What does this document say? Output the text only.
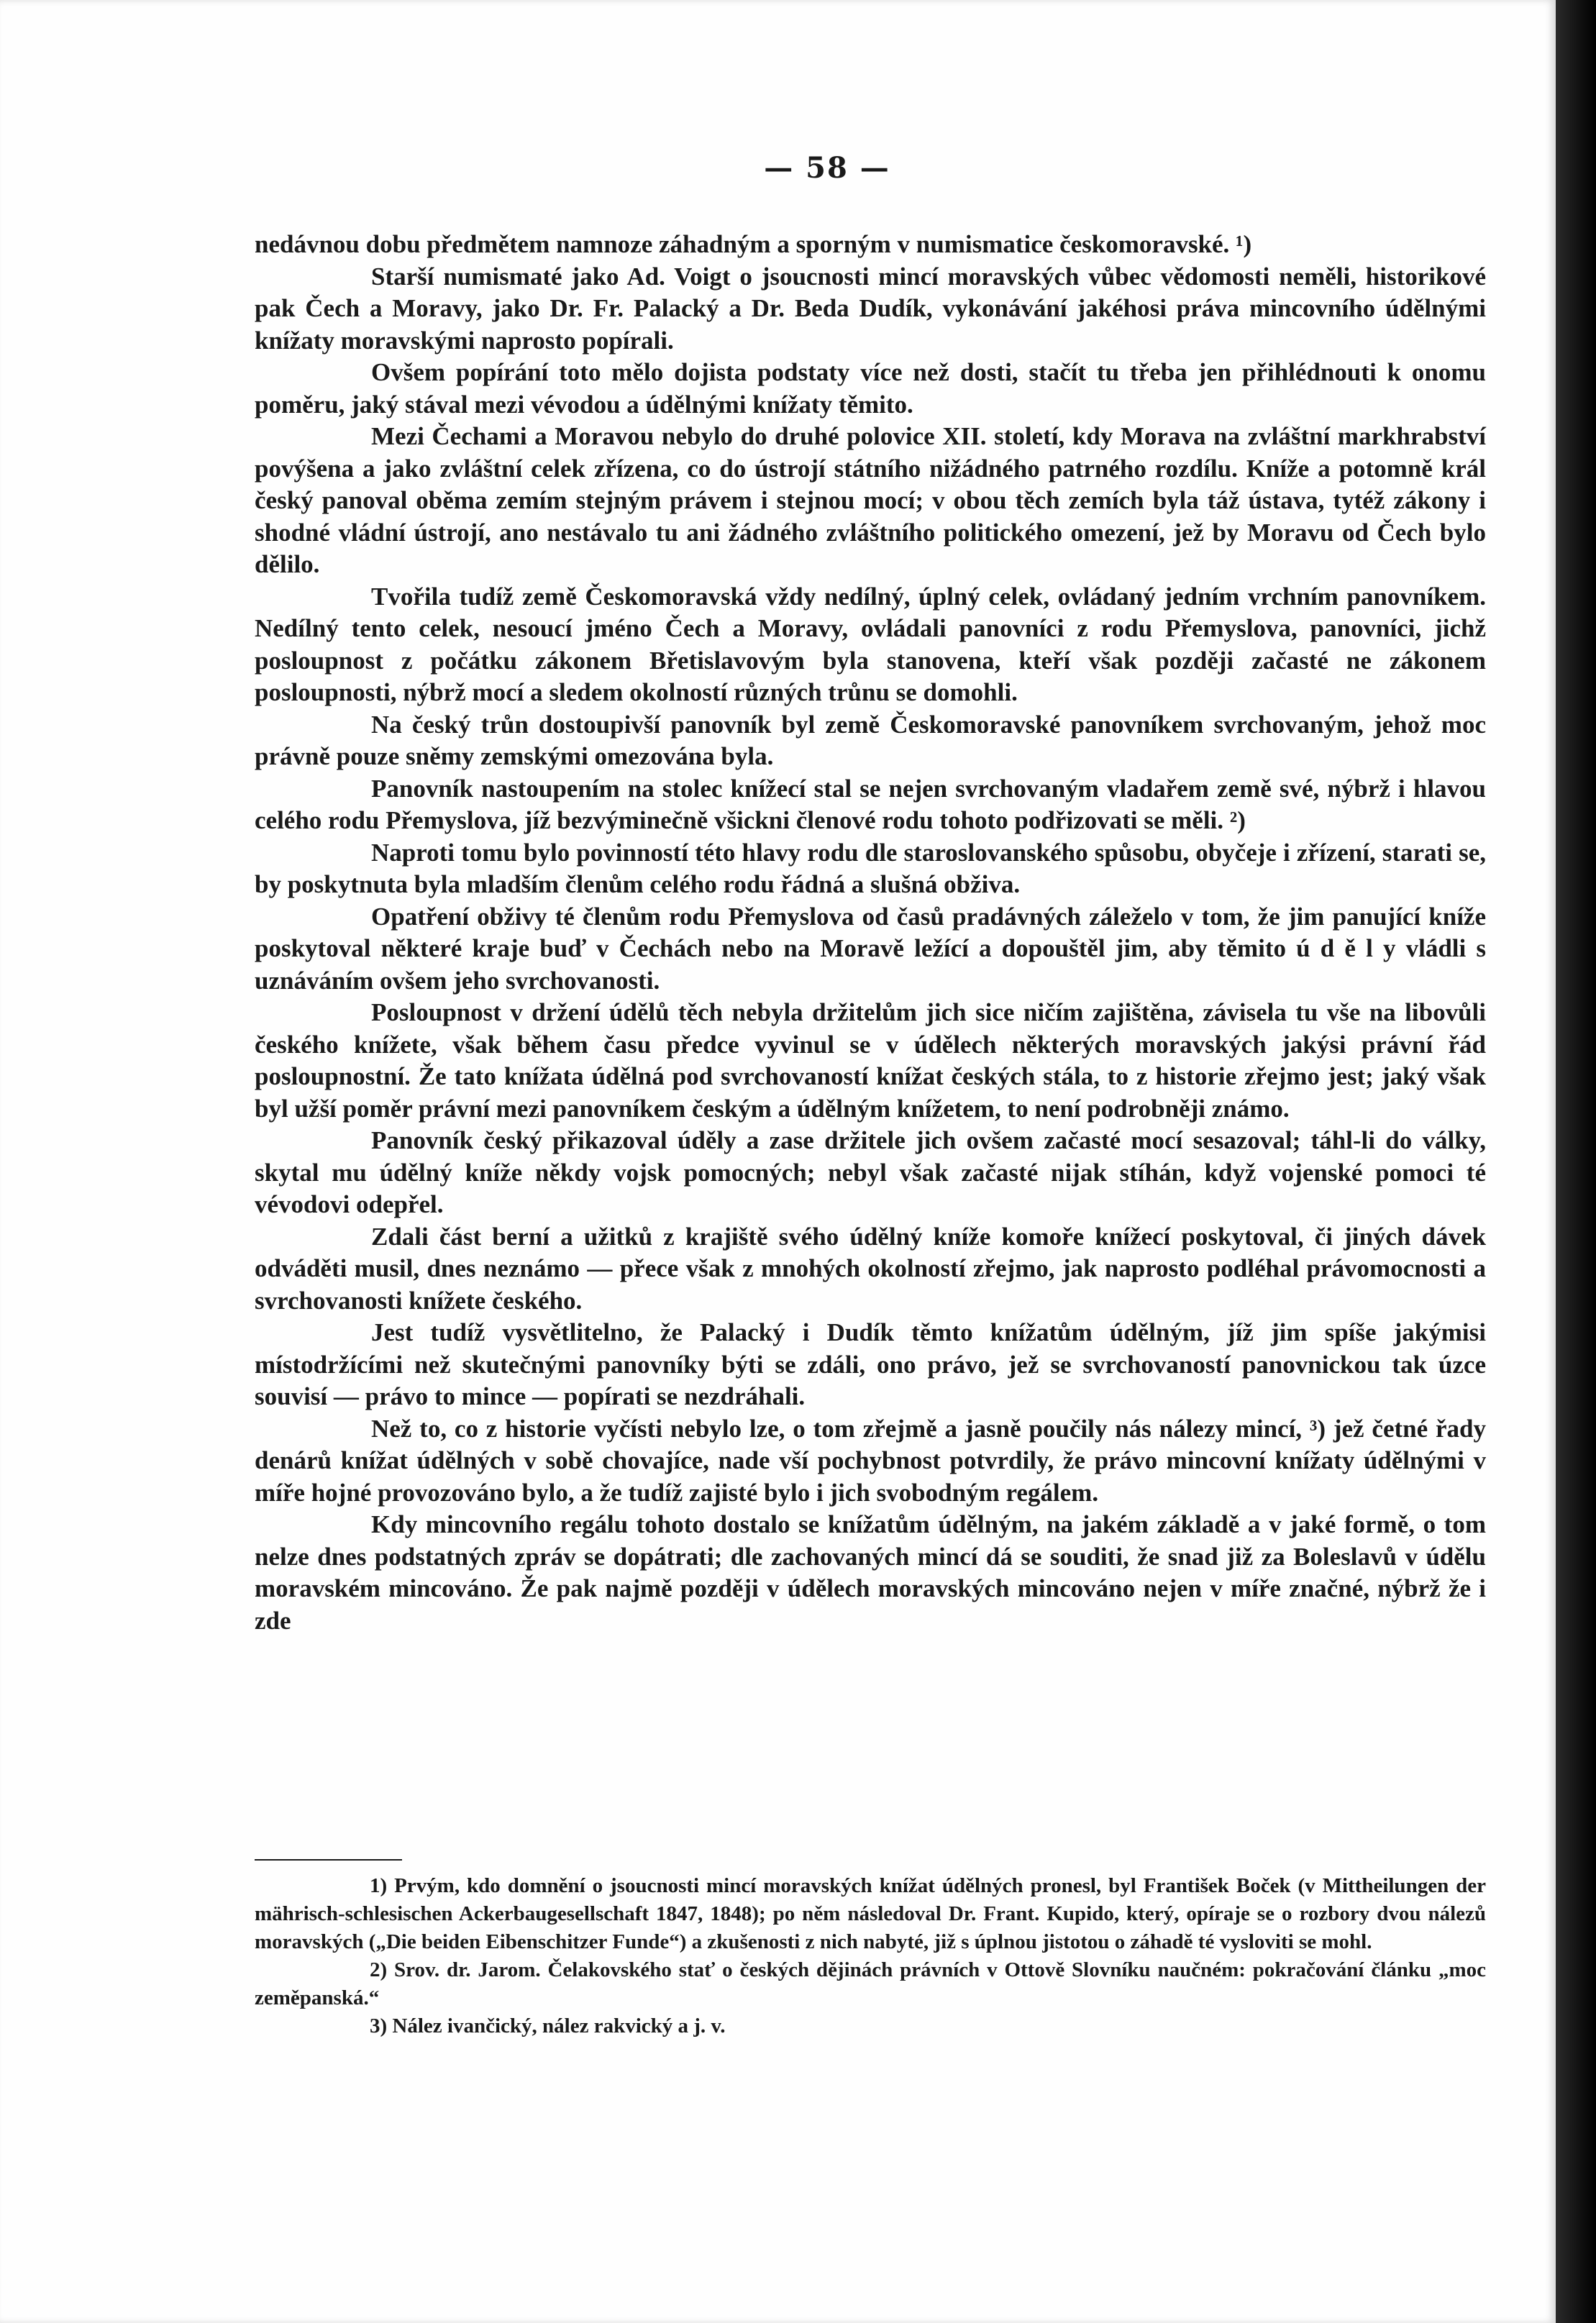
— 58 —

nedávnou dobu předmětem namnoze záhadným a sporným v numismatice českomoravské. ¹)

Starší numismaté jako Ad. Voigt o jsoucnosti mincí moravských vůbec vědomosti neměli, historikové pak Čech a Moravy, jako Dr. Fr. Palacký a Dr. Beda Dudík, vykonávání jakéhosi práva mincovního údělnými knížaty moravskými naprosto popírali.

Ovšem popírání toto mělo dojista podstaty více než dosti, stačít tu třeba jen přihlédnouti k onomu poměru, jaký stával mezi vévodou a údělnými knížaty těmito.

Mezi Čechami a Moravou nebylo do druhé polovice XII. století, kdy Morava na zvláštní markhrabství povýšena a jako zvláštní celek zřízena, co do ústrojí státního nižádného patrného rozdílu. Kníže a potomně král český panoval oběma zemím stejným právem i stejnou mocí; v obou těch zemích byla táž ústava, tytéž zákony i shodné vládní ústrojí, ano nestávalo tu ani žádného zvláštního politického omezení, jež by Moravu od Čech bylo dělilo.

Tvořila tudíž země Českomoravská vždy nedílný, úplný celek, ovládaný jedním vrchním panovníkem. Nedílný tento celek, nesoucí jméno Čech a Moravy, ovládali panovníci z rodu Přemyslova, panovníci, jichž posloupnost z počátku zákonem Břetislavovým byla stanovena, kteří však později začasté ne zákonem posloupnosti, nýbrž mocí a sledem okolností různých trůnu se domohli.

Na český trůn dostoupivší panovník byl země Českomoravské panovníkem svrchovaným, jehož moc právně pouze sněmy zemskými omezována byla.

Panovník nastoupením na stolec knížecí stal se nejen svrchovaným vladařem země své, nýbrž i hlavou celého rodu Přemyslova, jíž bezvýminečně všickni členové rodu tohoto podřizovati se měli. ²)

Naproti tomu bylo povinností této hlavy rodu dle staroslovanského spůsobu, obyčeje i zřízení, starati se, by poskytnuta byla mladším členům celého rodu řádná a slušná obživa.

Opatření obživy té členům rodu Přemyslova od časů pradávných záleželo v tom, že jim panující kníže poskytoval některé kraje buď v Čechách nebo na Moravě ležící a dopouštěl jim, aby těmito ú d ě l y vládli s uznáváním ovšem jeho svrchovanosti.

Posloupnost v držení údělů těch nebyla držitelům jich sice ničím zajištěna, závisela tu vše na libovůli českého knížete, však během času předce vyvinul se v údělech některých moravských jakýsi právní řád posloupnostní. Že tato knížata údělná pod svrchovaností knížat českých stála, to z historie zřejmo jest; jaký však byl užší poměr právní mezi panovníkem českým a údělným knížetem, to není podrobněji známo.

Panovník český přikazoval úděly a zase držitele jich ovšem začasté mocí sesazoval; táhl-li do války, skytal mu údělný kníže někdy vojsk pomocných; nebyl však začasté nijak stíhán, když vojenské pomoci té vévodovi odepřel.

Zdali část berní a užitků z krajiště svého údělný kníže komoře knížecí poskytoval, či jiných dávek odváděti musil, dnes neznámo — přece však z mnohých okolností zřejmo, jak naprosto podléhal právomocnosti a svrchovanosti knížete českého.

Jest tudíž vysvětlitelno, že Palacký i Dudík těmto knížatům údělným, jíž jim spíše jakýmisi místodržícími než skutečnými panovníky býti se zdáli, ono právo, jež se svrchovaností panovnickou tak úzce souvisí — právo to mince — popírati se nezdráhali.

Než to, co z historie vyčísti nebylo lze, o tom zřejmě a jasně poučily nás nálezy mincí, ³) jež četné řady denárů knížat údělných v sobě chovajíce, nade vší pochybnost potvrdily, že právo mincovní knížaty údělnými v míře hojné provozováno bylo, a že tudíž zajisté bylo i jich svobodným regálem.

Kdy mincovního regálu tohoto dostalo se knížatům údělným, na jakém základě a v jaké formě, o tom nelze dnes podstatných zpráv se dopátrati; dle zachovaných mincí dá se souditi, že snad již za Boleslavů v údělu moravském mincováno. Že pak najmě později v údělech moravských mincováno nejen v míře značné, nýbrž že i zde

1) Prvým, kdo domnění o jsoucnosti mincí moravských knížat údělných pronesl, byl František Boček (v Mittheilungen der mährisch-schlesischen Ackerbaugesellschaft 1847, 1848); po něm následoval Dr. Frant. Kupido, který, opíraje se o rozbory dvou nálezů moravských („Die beiden Eibenschitzer Funde“) a zkušenosti z nich nabyté, již s úplnou jistotou o záhadě té vysloviti se mohl.

2) Srov. dr. Jarom. Čelakovského stať o českých dějinách právních v Ottově Slovníku naučném: pokračování článku „moc zeměpanská.“

3) Nález ivančický, nález rakvický a j. v.
